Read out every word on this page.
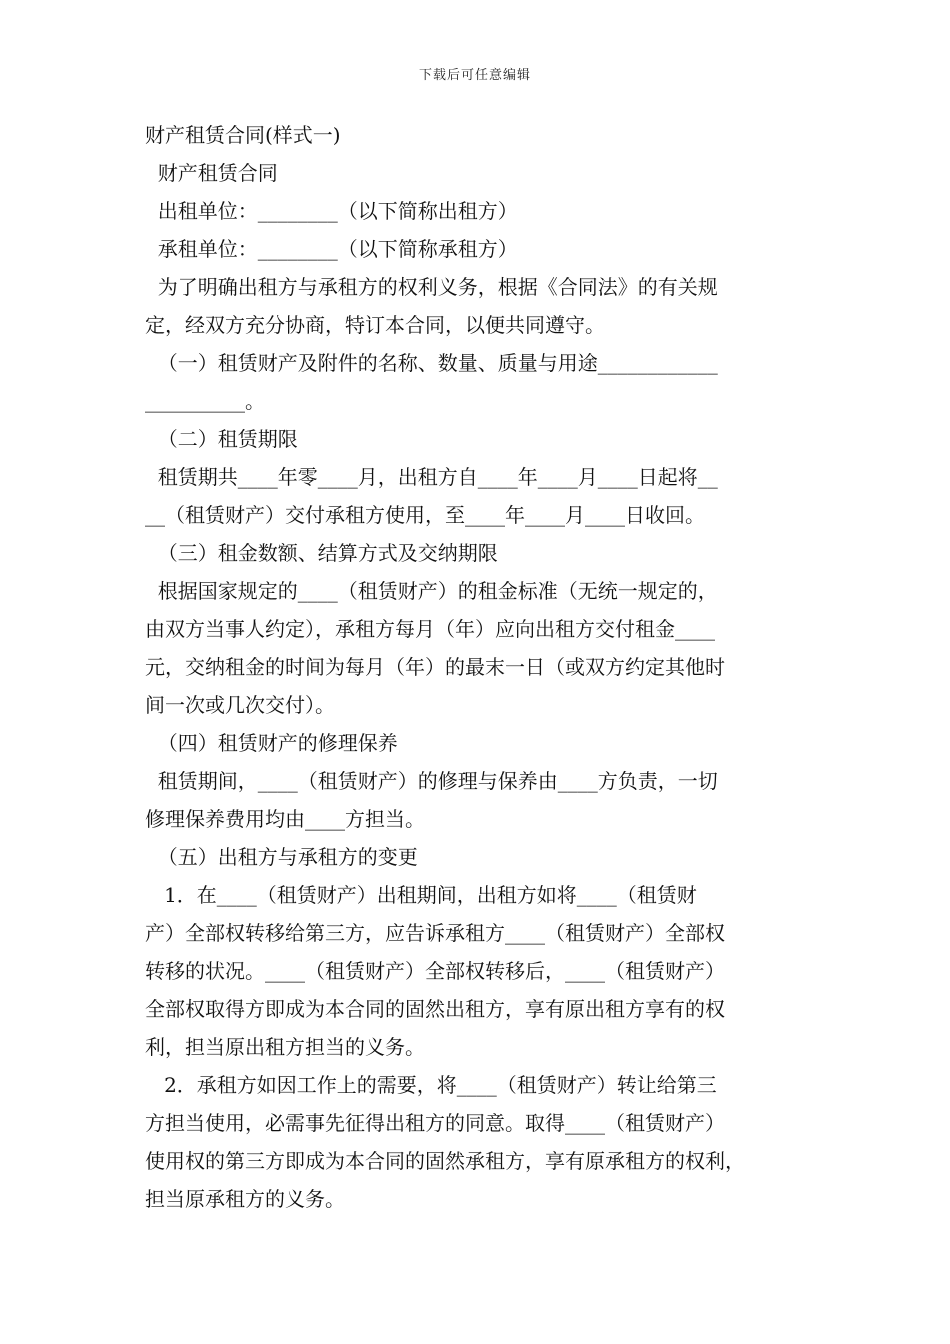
下载后可任意编辑
财产租赁合同(样式一)
财产租赁合同
出租单位：________（以下简称出租方）
承租单位：________（以下简称承租方）
为了明确出租方与承租方的权利义务，根据《合同法》的有关规
定，经双方充分协商，特订本合同，以便共同遵守。
（一）租赁财产及附件的名称、数量、质量与用途____________
__________。
（二）租赁期限
租赁期共____年零____月，出租方自____年____月____日起将__
__（租赁财产）交付承租方使用，至____年____月____日收回。
（三）租金数额、结算方式及交纳期限
根据国家规定的____（租赁财产）的租金标准（无统一规定的，
由双方当事人约定），承租方每月（年）应向出租方交付租金____
元，交纳租金的时间为每月（年）的最末一日（或双方约定其他时
间一次或几次交付）。
（四）租赁财产的修理保养
租赁期间，____（租赁财产）的修理与保养由____方负责，一切
修理保养费用均由____方担当。
（五）出租方与承租方的变更
1．在____（租赁财产）出租期间，出租方如将____（租赁财
产）全部权转移给第三方，应告诉承租方____（租赁财产）全部权
转移的状况。____（租赁财产）全部权转移后，____（租赁财产）
全部权取得方即成为本合同的固然出租方，享有原出租方享有的权
利，担当原出租方担当的义务。
2．承租方如因工作上的需要，将____（租赁财产）转让给第三
方担当使用，必需事先征得出租方的同意。取得____（租赁财产）
使用权的第三方即成为本合同的固然承租方，享有原承租方的权利，
担当原承租方的义务。
